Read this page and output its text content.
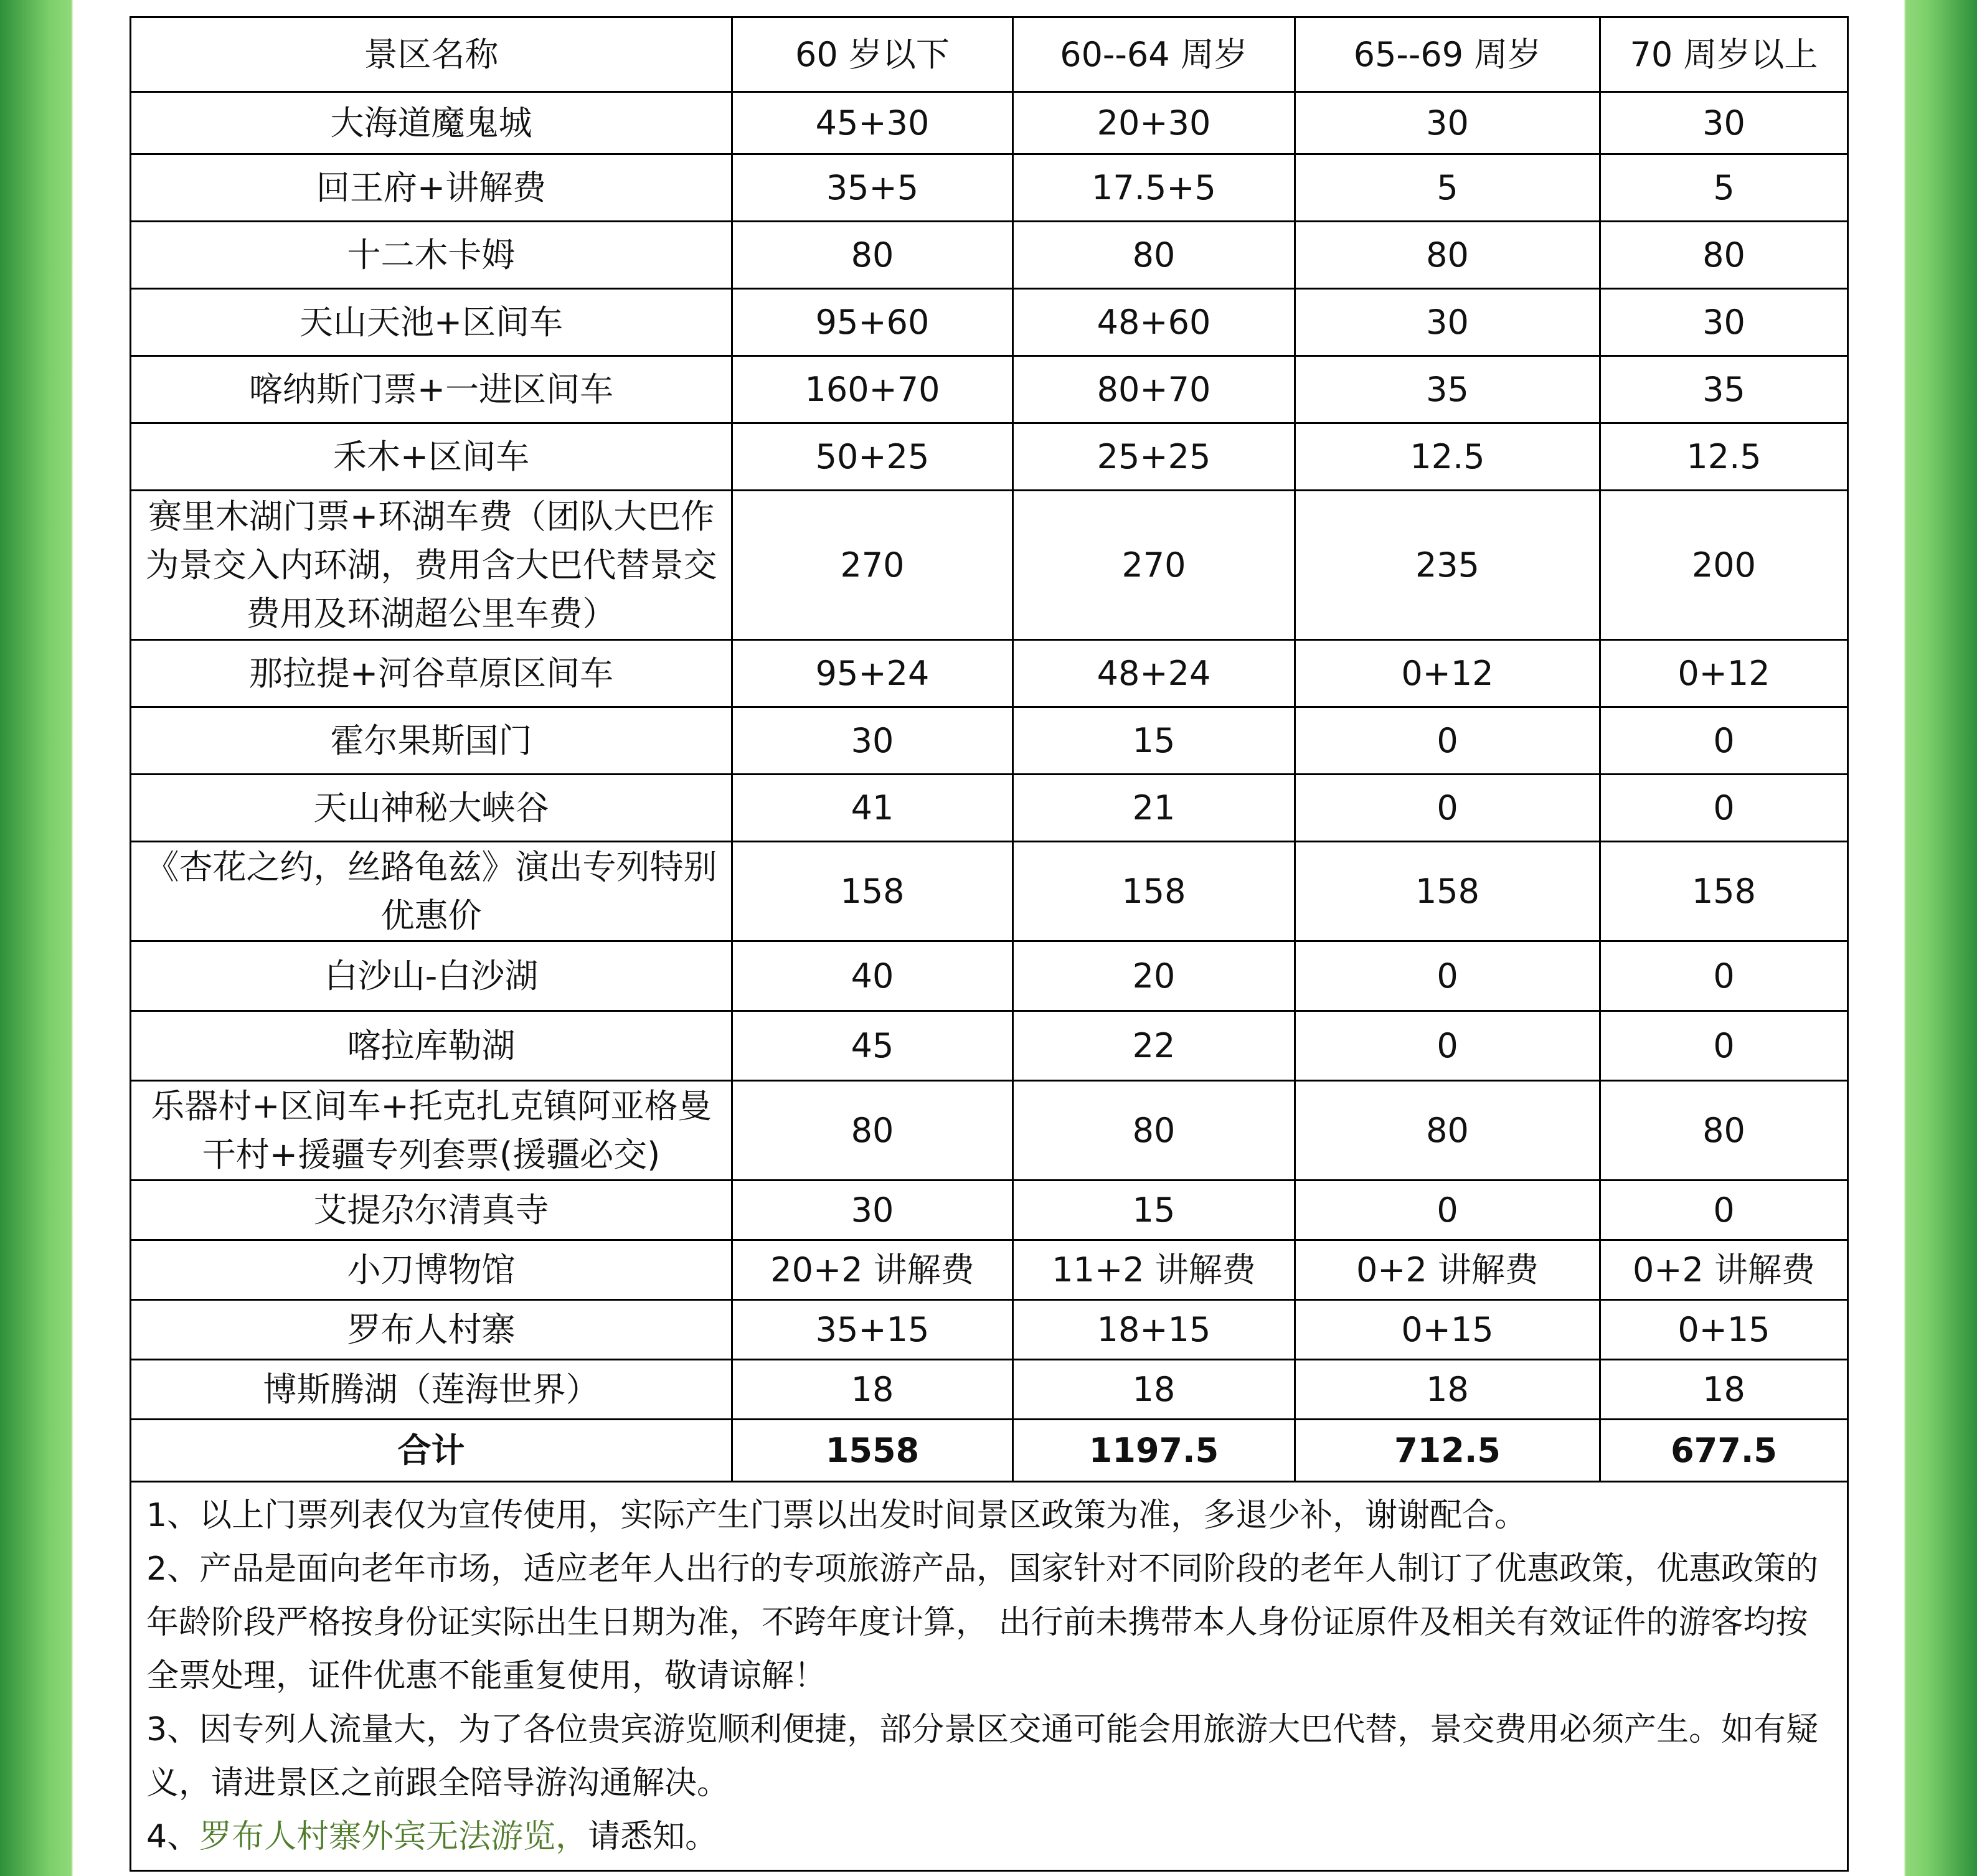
景区名称	60 岁以下	60--64 周岁	65--69 周岁	70 周岁以上
大海道魔鬼城	45+30	20+30	30	30
回王府+讲解费	35+5	17.5+5	5	5
十二木卡姆	80	80	80	80
天山天池+区间车	95+60	48+60	30	30
喀纳斯门票+一进区间车	160+70	80+70	35	35
禾木+区间车	50+25	25+25	12.5	12.5
赛里木湖门票+环湖车费（团队大巴作为景交入内环湖，费用含大巴代替景交费用及环湖超公里车费）	270	270	235	200
那拉提+河谷草原区间车	95+24	48+24	0+12	0+12
霍尔果斯国门	30	15	0	0
天山神秘大峡谷	41	21	0	0
《杏花之约，丝路龟兹》演出专列特别优惠价	158	158	158	158
白沙山-白沙湖	40	20	0	0
喀拉库勒湖	45	22	0	0
乐器村+区间车+托克扎克镇阿亚格曼干村+援疆专列套票(援疆必交)	80	80	80	80
艾提尕尔清真寺	30	15	0	0
小刀博物馆	20+2 讲解费	11+2 讲解费	0+2 讲解费	0+2 讲解费
罗布人村寨	35+15	18+15	0+15	0+15
博斯腾湖（莲海世界）	18	18	18	18
合计	1558	1197.5	712.5	677.5

1、以上门票列表仅为宣传使用，实际产生门票以出发时间景区政策为准，多退少补，谢谢配合。
2、产品是面向老年市场，适应老年人出行的专项旅游产品，国家针对不同阶段的老年人制订了优惠政策，优惠政策的年龄阶段严格按身份证实际出生日期为准，不跨年度计算， 出行前未携带本人身份证原件及相关有效证件的游客均按全票处理，证件优惠不能重复使用，敬请谅解！
3、因专列人流量大，为了各位贵宾游览顺利便捷，部分景区交通可能会用旅游大巴代替，景交费用必须产生。如有疑义，请进景区之前跟全陪导游沟通解决。
4、罗布人村寨外宾无法游览，请悉知。				
